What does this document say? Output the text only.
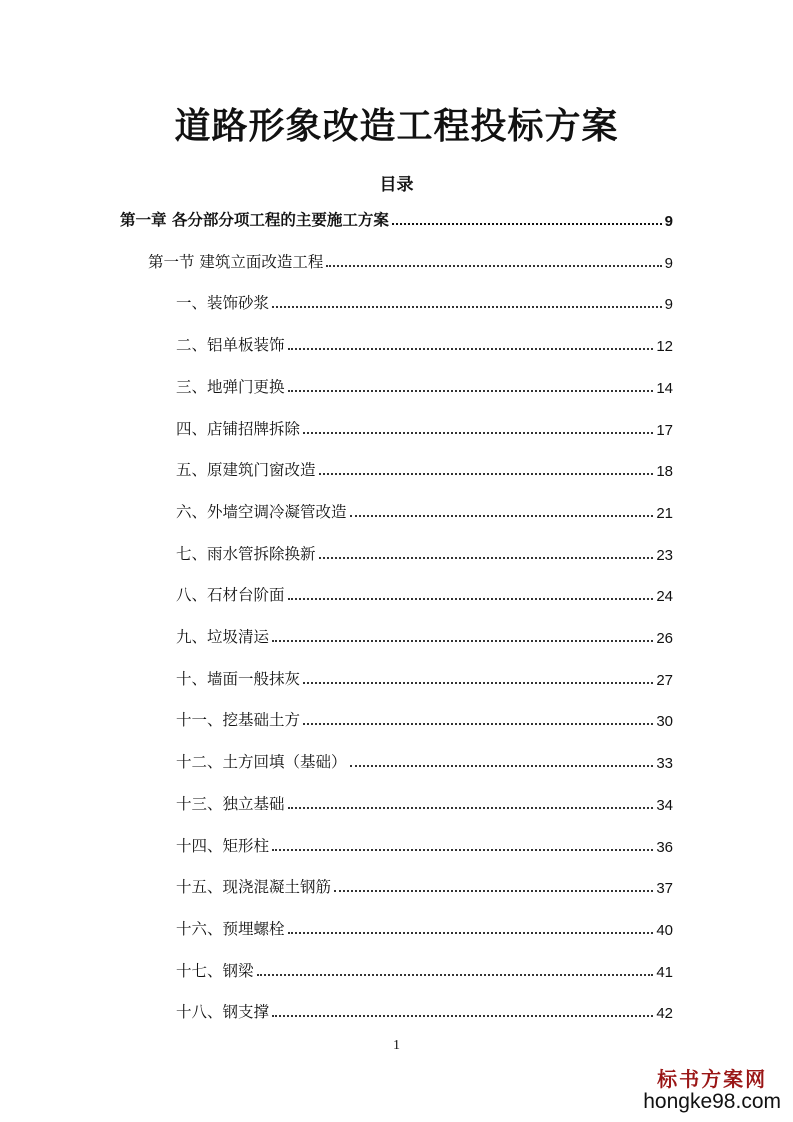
道路形象改造工程投标方案
目录
第一章 各分部分项工程的主要施工方案	9
第一节 建筑立面改造工程	9
一、装饰砂浆	9
二、铝单板装饰	12
三、地弹门更换	14
四、店铺招牌拆除	17
五、原建筑门窗改造	18
六、外墙空调冷凝管改造	21
七、雨水管拆除换新	23
八、石材台阶面	24
九、垃圾清运	26
十、墙面一般抹灰	27
十一、挖基础土方	30
十二、土方回填（基础）	33
十三、独立基础	34
十四、矩形柱	36
十五、现浇混凝土钢筋	37
十六、预埋螺栓	40
十七、钢梁	41
十八、钢支撑	42
1
标书方案网
hongke98.com
